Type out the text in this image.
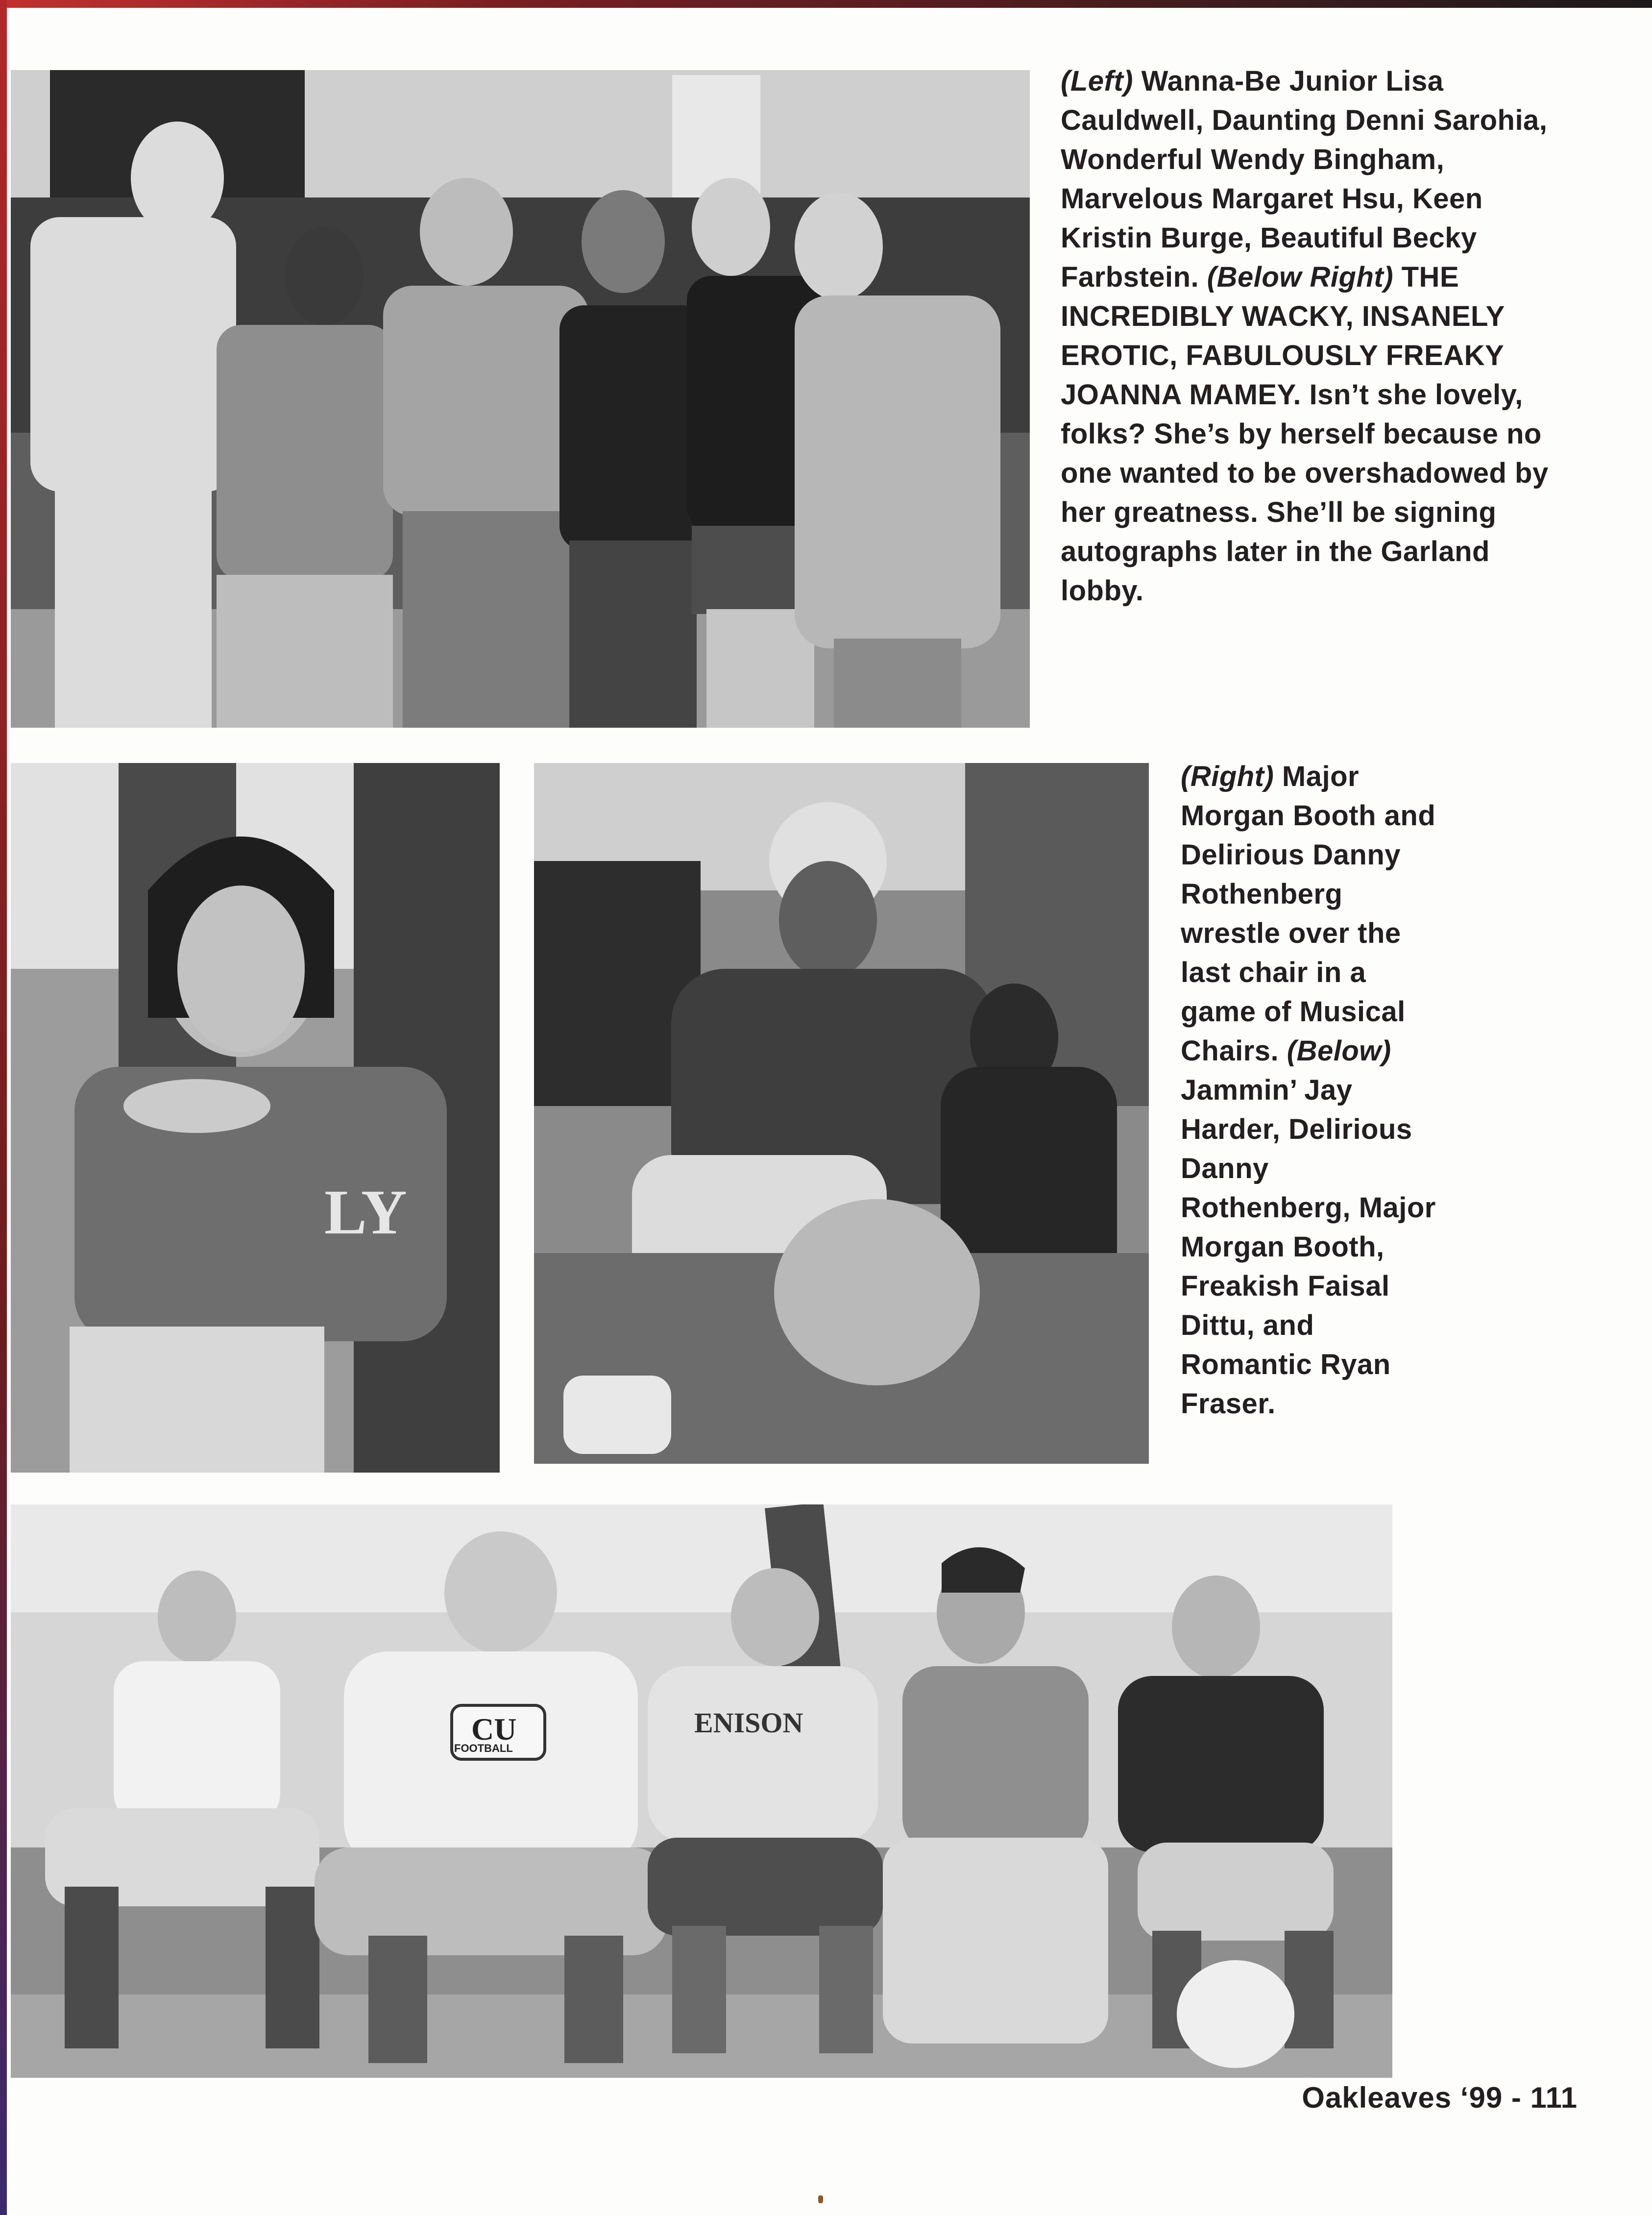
(Left) Wanna-Be Junior Lisa Cauldwell, Daunting Denni Sarohia, Wonderful Wendy Bingham, Marvelous Margaret Hsu, Keen Kristin Burge, Beautiful Becky Farbstein. (Below Right) THE INCREDIBLY WACKY, INSANELY EROTIC, FABULOUSLY FREAKY JOANNA MAMEY. Isn’t she lovely, folks? She’s by herself because no one wanted to be overshadowed by her greatness. She’ll be signing autographs later in the Garland lobby.

LY

(Right) Major Morgan Booth and Delirious Danny Rothenberg wrestle over the last chair in a game of Musical Chairs. (Below) Jammin’ Jay Harder, Delirious Danny Rothenberg, Major Morgan Booth, Freakish Faisal Dittu, and Romantic Ryan Fraser.

CU
FOOTBALL
ENISON
Oakleaves ‘99 - 111
